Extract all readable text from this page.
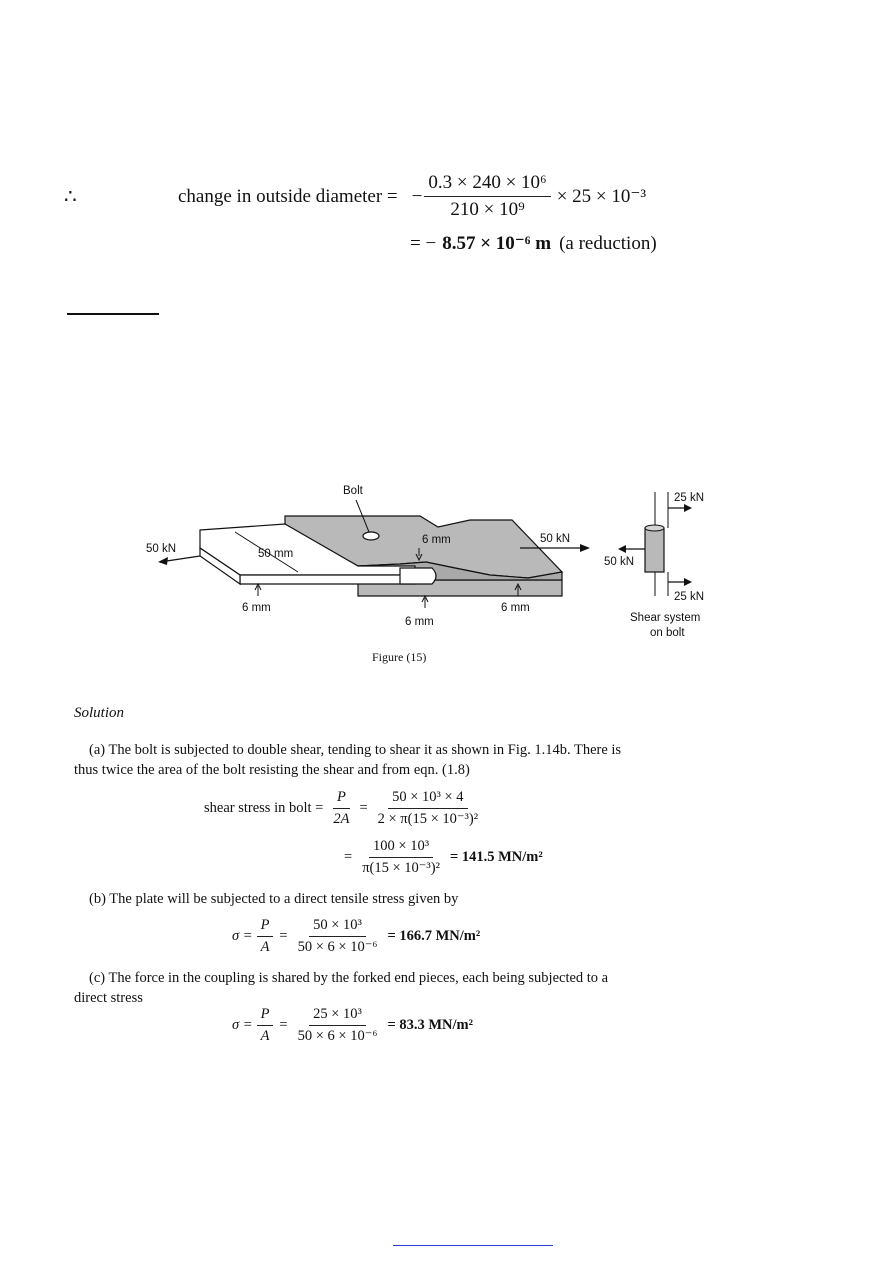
∴	change in outside diameter = − $\frac{\text{0.3 × 240 × 10⁶}}{\text{210 × 10⁹}} \times 25 \times 10^{-3}$
= − 8.57 × 10⁻⁶ m (a reduction)
Bolt
50 kN
50 kN
50 mm
6 mm
6 mm
6 mm
6 mm
25 kN
50 kN
25 kN
Shear system
on bolt
Figure (15)
Solution
(a) The bolt is subjected to double shear, tending to shear it as shown in Fig. 1.14b. There is
thus twice the area of the bolt resisting the shear and from eqn. (1.8)
shear stress in bolt = $\frac{P}{2A} = \frac{\text{50 × 10³ × 4}}{\text{2 × π(15 × 10⁻³)²}}$
= $\frac{\text{100 × 10³}}{\text{π(15 × 10⁻³)²}} = 141.5$ MN/m²
(b) The plate will be subjected to a direct tensile stress given by
$\sigma = \frac{P}{A} = \frac{\text{50 × 10³}}{\text{50 × 6 × 10⁻⁶}} = 166.7$ MN/m²
(c) The force in the coupling is shared by the forked end pieces, each being subjected to a
direct stress
$\sigma = \frac{P}{A} = \frac{\text{25 × 10³}}{\text{50 × 6 × 10⁻⁶}} = 83.3$ MN/m²
